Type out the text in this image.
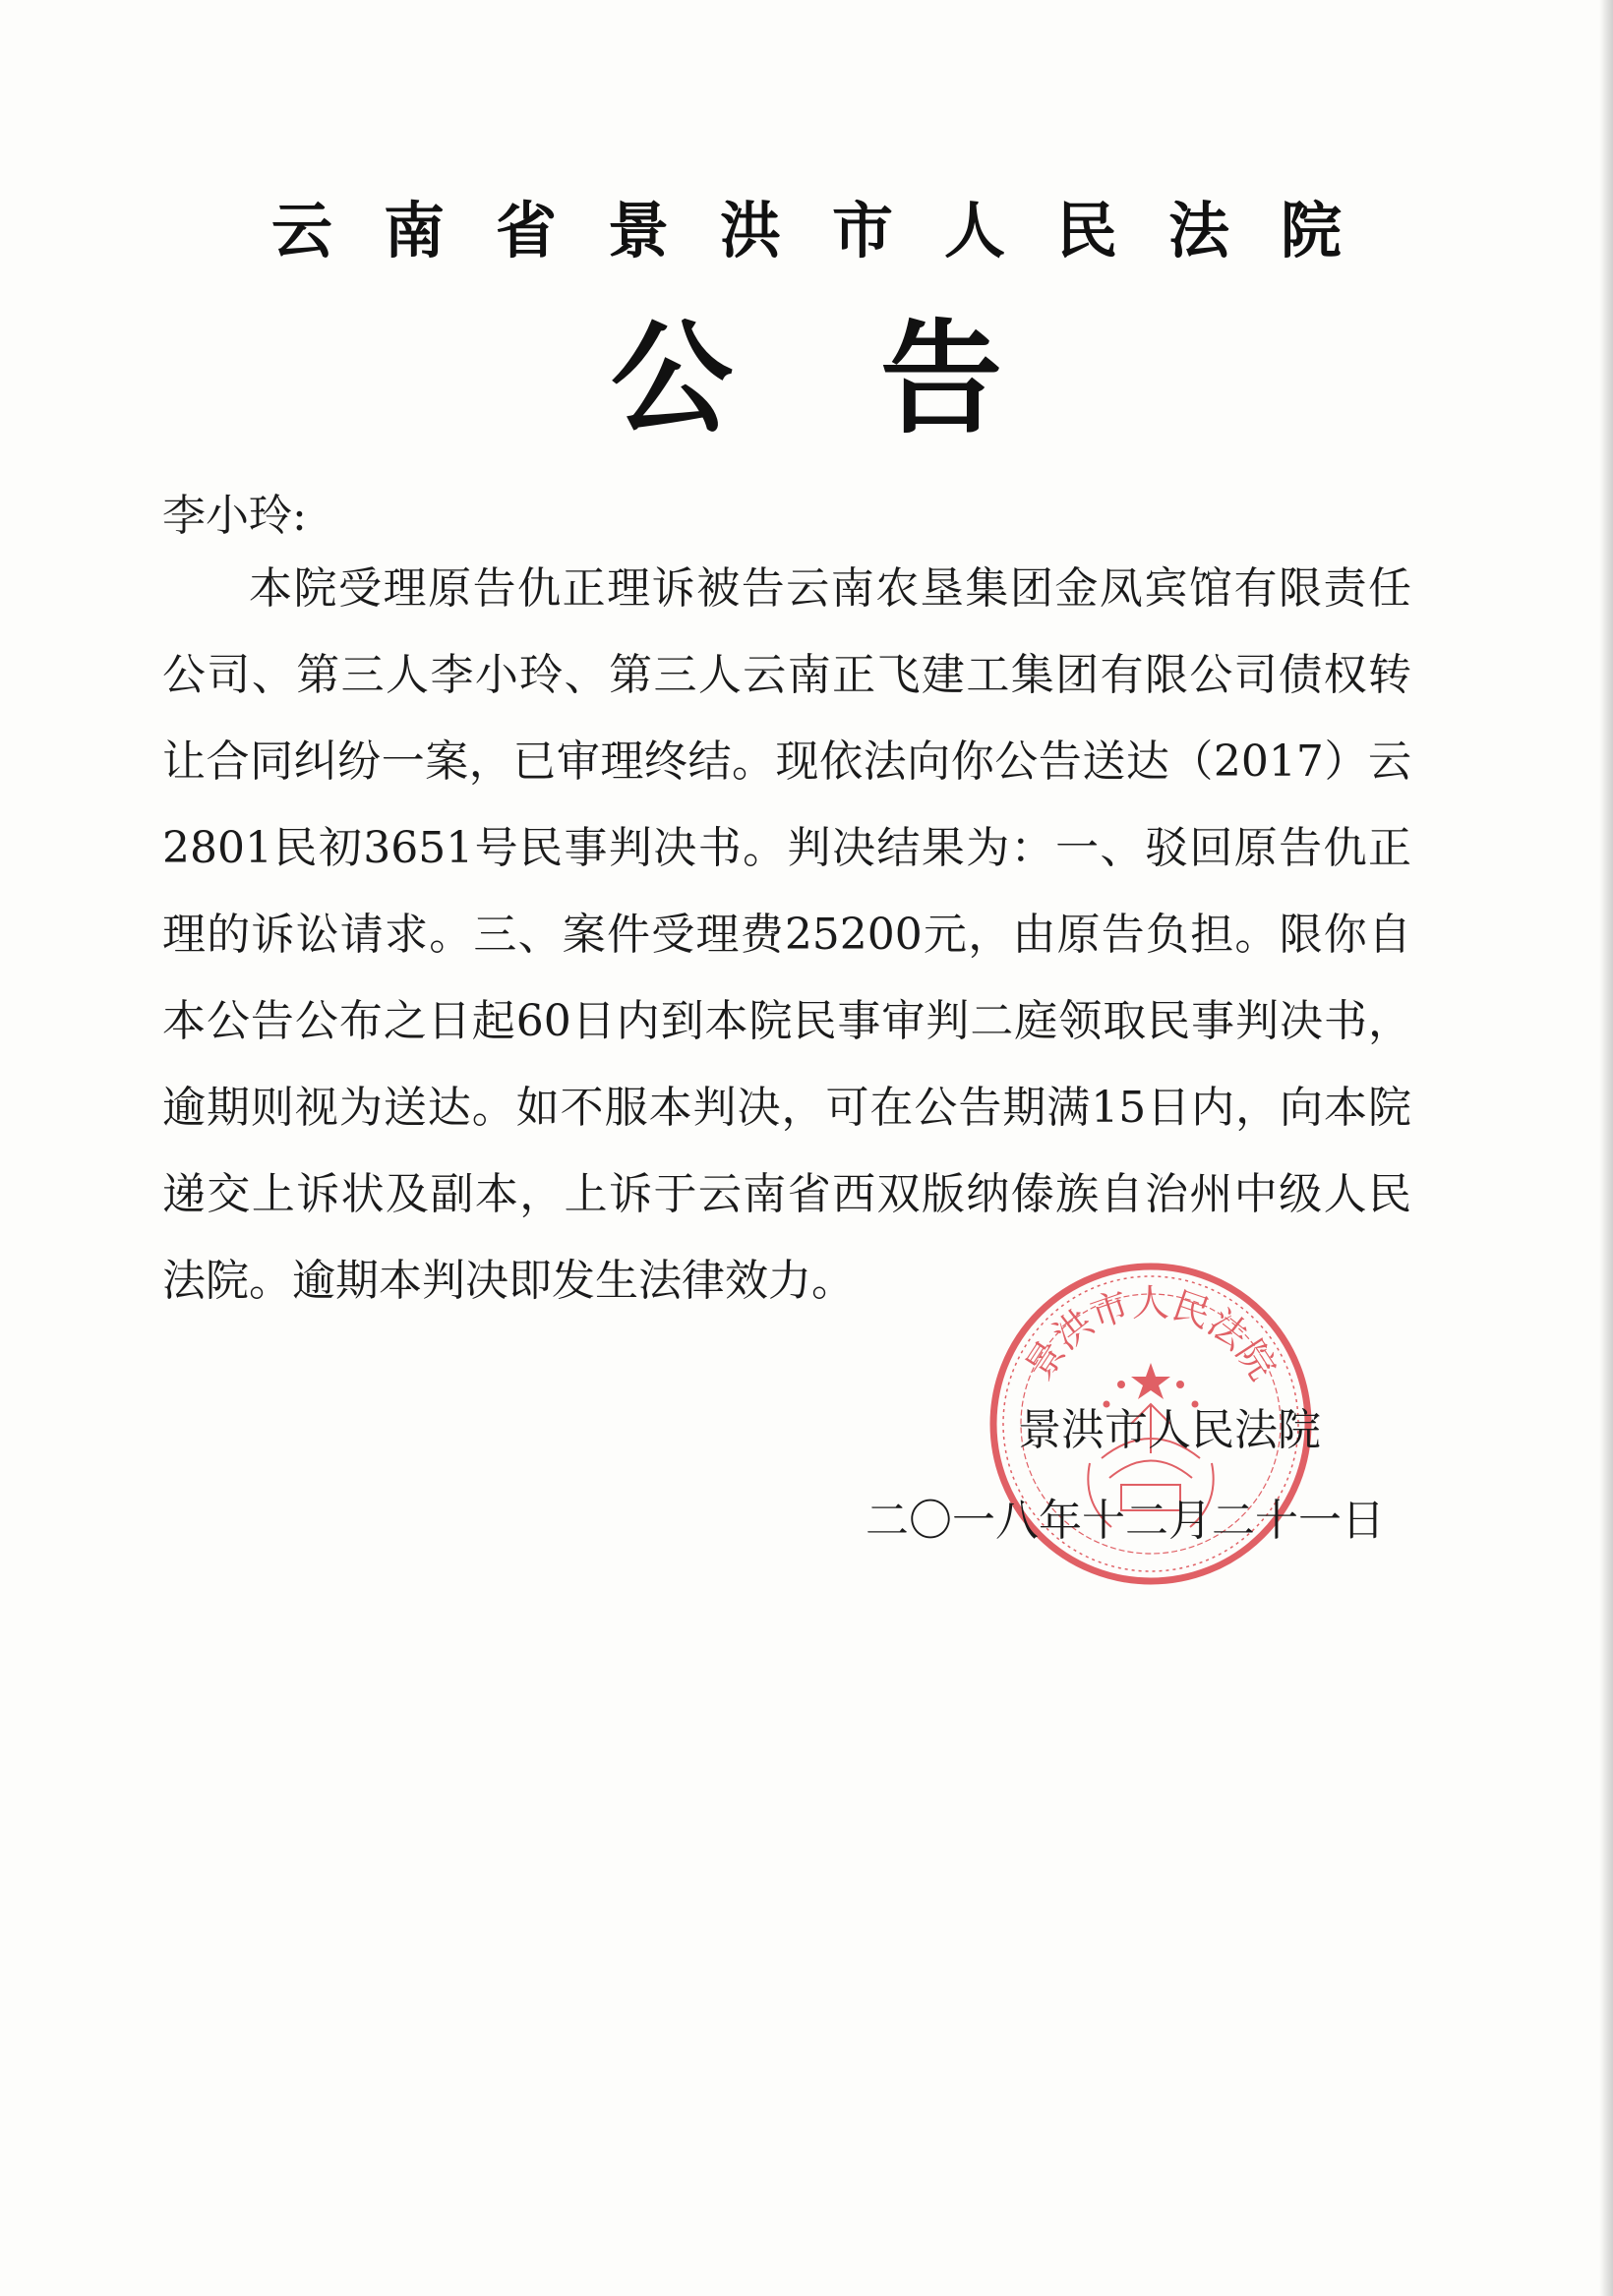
云南省景洪市人民法院
公告

李小玲:

本院受理原告仇正理诉被告云南农垦集团金凤宾馆有限责任公司、第三人李小玲、第三人云南正飞建工集团有限公司债权转让合同纠纷一案，已审理终结。现依法向你公告送达（2017）云2801民初3651号民事判决书。判决结果为：一、驳回原告仇正理的诉讼请求。三、案件受理费25200元，由原告负担。限你自本公告公布之日起60日内到本院民事审判二庭领取民事判决书，逾期则视为送达。如不服本判决，可在公告期满15日内，向本院递交上诉状及副本，上诉于云南省西双版纳傣族自治州中级人民法院。逾期本判决即发生法律效力。

景洪市人民法院

景洪市人民法院

二〇一八年十二月二十一日
